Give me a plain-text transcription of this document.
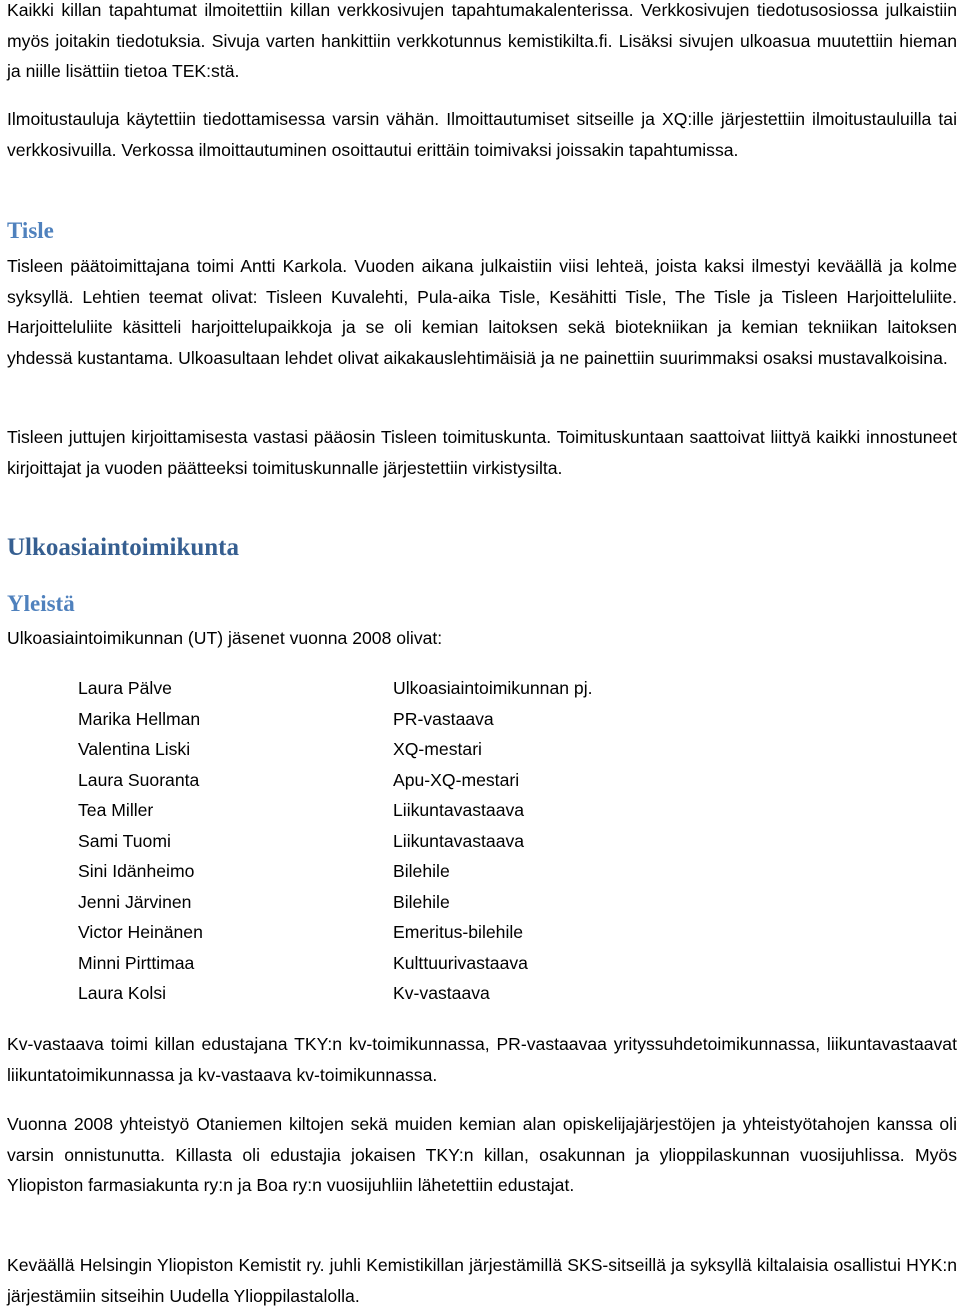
Kaikki killan tapahtumat ilmoitettiin killan verkkosivujen tapahtumakalenterissa. Verkkosivujen tiedotusosiossa julkaistiin myös joitakin tiedotuksia. Sivuja varten hankittiin verkkotunnus kemistikilta.fi. Lisäksi sivujen ulkoasua muutettiin hieman ja niille lisättiin tietoa TEK:stä.

Ilmoitustauluja käytettiin tiedottamisessa varsin vähän. Ilmoittautumiset sitseille ja XQ:ille järjestettiin ilmoitustauluilla tai verkkosivuilla. Verkossa ilmoittautuminen osoittautui erittäin toimivaksi joissakin tapahtumissa.

Tisle

Tisleen päätoimittajana toimi Antti Karkola. Vuoden aikana julkaistiin viisi lehteä, joista kaksi ilmestyi keväällä ja kolme syksyllä. Lehtien teemat olivat: Tisleen Kuvalehti, Pula-aika Tisle, Kesähitti Tisle, The Tisle ja Tisleen Harjoitteluliite. Harjoitteluliite käsitteli harjoittelupaikkoja ja se oli kemian laitoksen sekä biotekniikan ja kemian tekniikan laitoksen yhdessä kustantama. Ulkoasultaan lehdet olivat aikakauslehtimäisiä ja ne painettiin suurimmaksi osaksi mustavalkoisina.

Tisleen juttujen kirjoittamisesta vastasi pääosin Tisleen toimituskunta. Toimituskuntaan saattoivat liittyä kaikki innostuneet kirjoittajat ja vuoden päätteeksi toimituskunnalle järjestettiin virkistysilta.

Ulkoasiaintoimikunta
Yleistä

Ulkoasiaintoimikunnan (UT) jäsenet vuonna 2008 olivat:

Laura Pälve	Ulkoasiaintoimikunnan pj.
Marika Hellman	PR-vastaava
Valentina Liski	XQ-mestari
Laura Suoranta	Apu-XQ-mestari
Tea Miller	Liikuntavastaava
Sami Tuomi	Liikuntavastaava
Sini Idänheimo	Bilehile
Jenni Järvinen	Bilehile
Victor Heinänen	Emeritus-bilehile
Minni Pirttimaa	Kulttuurivastaava
Laura Kolsi	Kv-vastaava

Kv-vastaava toimi killan edustajana TKY:n kv-toimikunnassa, PR-vastaavaa yrityssuhdetoimikunnassa, liikuntavastaavat liikuntatoimikunnassa ja kv-vastaava kv-toimikunnassa.

Vuonna 2008 yhteistyö Otaniemen kiltojen sekä muiden kemian alan opiskelijajärjestöjen ja yhteistyötahojen kanssa oli varsin onnistunutta. Killasta oli edustajia jokaisen TKY:n killan, osakunnan ja ylioppilaskunnan vuosijuhlissa. Myös Yliopiston farmasiakunta ry:n ja Boa ry:n vuosijuhliin lähetettiin edustajat.

Keväällä Helsingin Yliopiston Kemistit ry. juhli Kemistikillan järjestämillä SKS-sitseillä ja syksyllä kiltalaisia osallistui HYK:n järjestämiin sitseihin Uudella Ylioppilastalolla.
